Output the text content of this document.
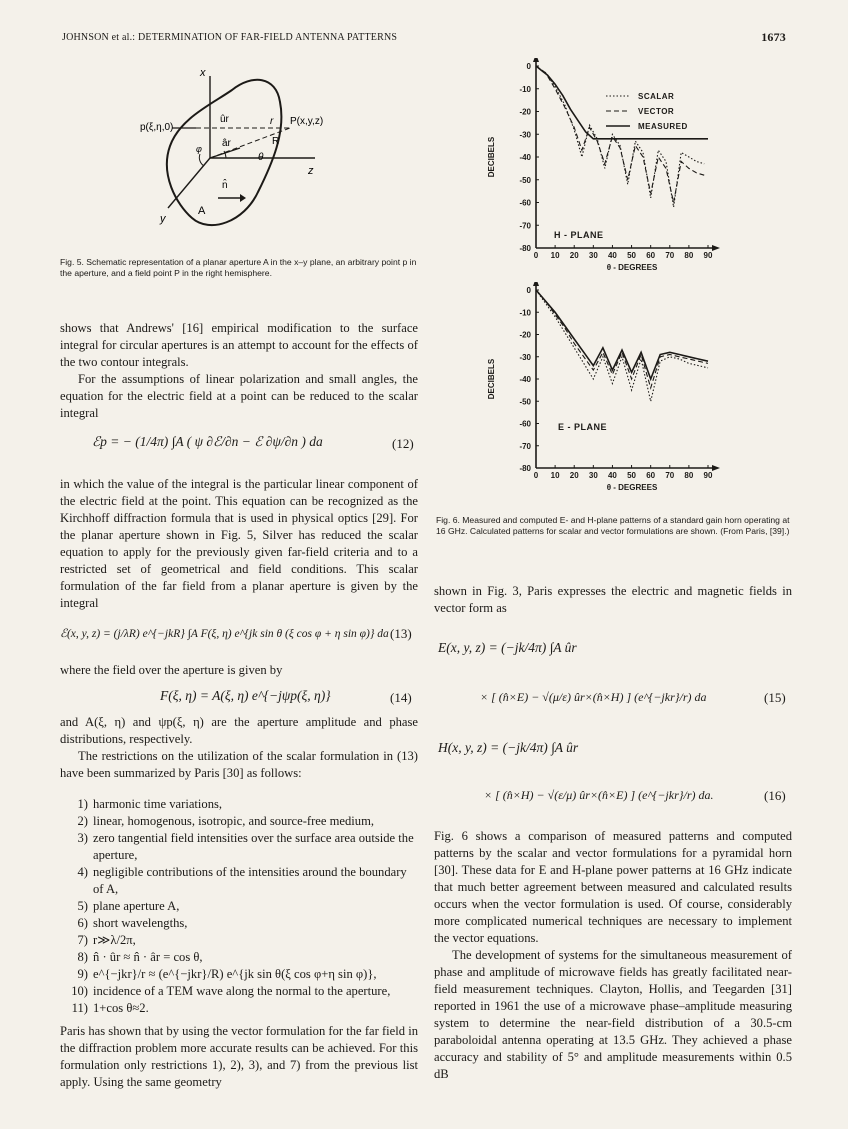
JOHNSON et al.: DETERMINATION OF FAR-FIELD ANTENNA PATTERNS	1673
x
z
y
p(ξ,η,0)
P(x,y,z)
ûr
âr
r
R
θ
φ
n̂
A
Fig. 5. Schematic representation of a planar aperture A in the x–y plane, an arbitrary point p in the aperture, and a field point P in the right hemisphere.

shows that Andrews' [16] empirical modification to the surface integral for circular apertures is an attempt to account for the effects of the two contour integrals.

For the assumptions of linear polarization and small angles, the equation for the electric field at a point can be reduced to the scalar integral

ℰp = − (1/4π) ∫A ( ψ ∂ℰ/∂n − ℰ ∂ψ/∂n ) da	(12)

in which the value of the integral is the particular linear component of the electric field at the point. This equation can be recognized as the Kirchhoff diffraction formula that is used in physical optics [29]. For the planar aperture shown in Fig. 5, Silver has reduced the scalar equation to apply for the previously given far-field criteria and to a restricted set of geometrical and field conditions. This scalar formulation of the far field from a planar aperture is given by the integral

ℰ(x, y, z) = (j/λR) e^{−jkR} ∫A F(ξ, η) e^{jk sin θ (ξ cos φ + η sin φ)} da (13)

where the field over the aperture is given by

F(ξ, η) = A(ξ, η) e^{−jψp(ξ, η)}	(14)

and A(ξ, η) and ψp(ξ, η) are the aperture amplitude and phase distributions, respectively.

The restrictions on the utilization of the scalar formulation in (13) have been summarized by Paris [30] as follows:

1) harmonic time variations,
2) linear, homogenous, isotropic, and source-free medium,
3) zero tangential field intensities over the surface area outside the aperture,
4) negligible contributions of the intensities around the boundary of A,
5) plane aperture A,
6) short wavelengths,
7) r≫λ/2π,
8) n̂ · ûr ≈ n̂ · âr = cos θ,
9) e^{−jkr}/r ≈ (e^{−jkr}/R) e^{jk sin θ(ξ cos φ+η sin φ)},
10) incidence of a TEM wave along the normal to the aperture,
11) 1+cos θ≈2.

Paris has shown that by using the vector formulation for the far field in the diffraction problem more accurate results can be achieved. For this formulation only restrictions 1), 2), 3), and 7) from the previous list apply. Using the same geometry

0
-10
-20
-30
-40
-50
-60
-70
-80
0 10 20 30 40 50 60 70 80 90
θ - DEGREES
DECIBELS
H - PLANE
SCALAR
VECTOR
MEASURED
0
-10
-20
-30
-40
-50
-60
-70
-80
0 10 20 30 40 50 60 70 80 90
θ - DEGREES
DECIBELS
E - PLANE
Fig. 6. Measured and computed E- and H-plane patterns of a standard gain horn operating at 16 GHz. Calculated patterns for scalar and vector formulations are shown. (From Paris, [39].)

shown in Fig. 3, Paris expresses the electric and magnetic fields in vector form as

E(x, y, z) = (−jk/4π) ∫A ûr
× [ (n̂×E) − √(μ/ε) ûr×(n̂×H) ] (e^{−jkr}/r) da	(15)
H(x, y, z) = (−jk/4π) ∫A ûr
× [ (n̂×H) − √(ε/μ) ûr×(n̂×E) ] (e^{−jkr}/r) da.	(16)

Fig. 6 shows a comparison of measured patterns and computed patterns by the scalar and vector formulations for a pyramidal horn [30]. These data for E and H-plane power patterns at 16 GHz indicate that much better agreement between measured and calculated results occurs when the vector formulation is used. Of course, considerably more complicated numerical techniques are necessary to implement the vector equations.

The development of systems for the simultaneous measurement of phase and amplitude of microwave fields has greatly facilitated near-field measurement techniques. Clayton, Hollis, and Teegarden [31] reported in 1961 the use of a microwave phase–amplitude measuring system to determine the near-field distribution of a 30.5-cm paraboloidal antenna operating at 13.5 GHz. They achieved a phase accuracy and stability of 5° and amplitude measurements within 0.5 dB
